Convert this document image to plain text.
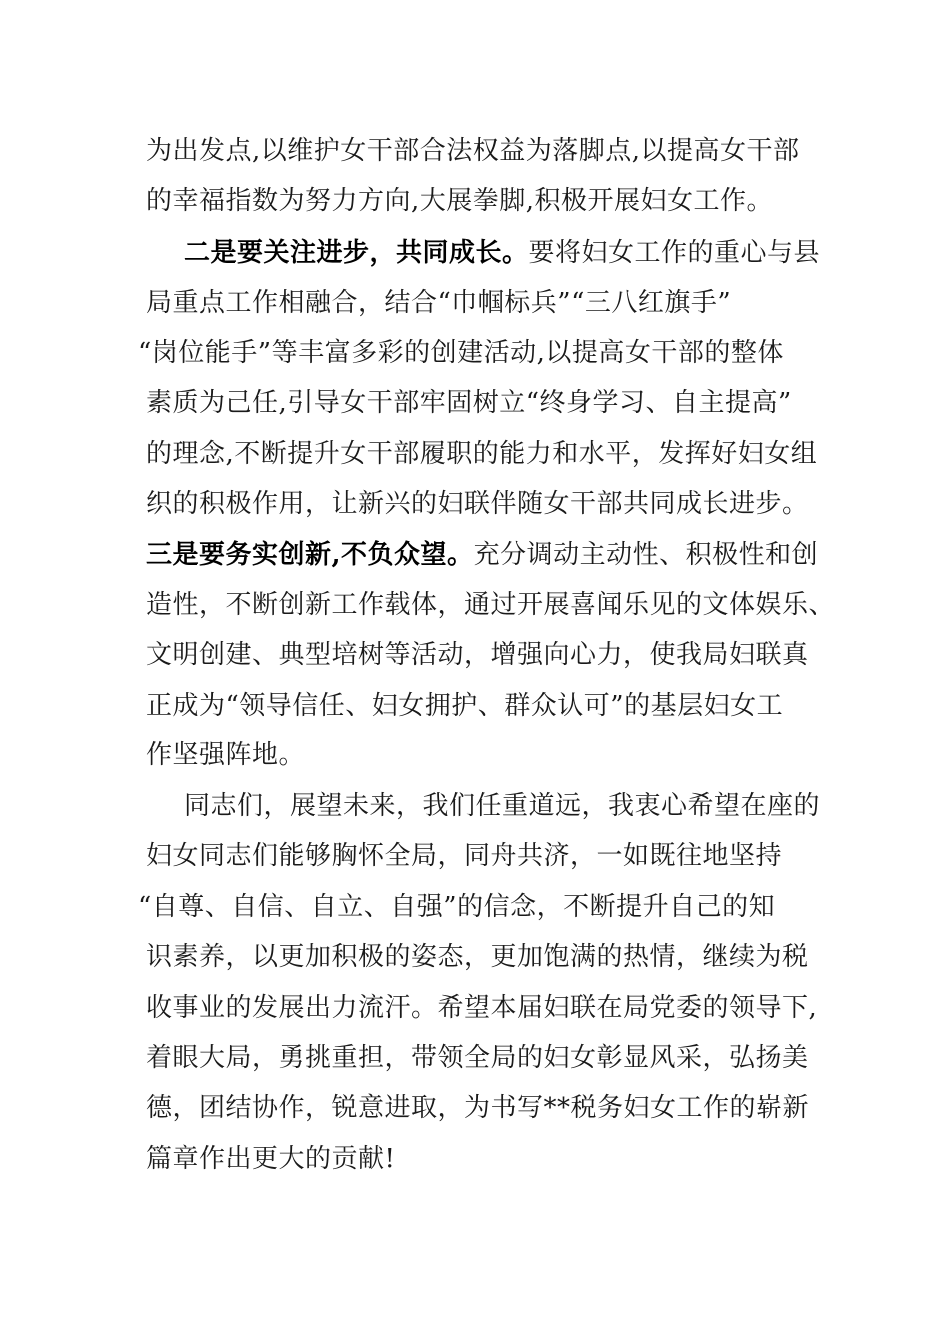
为出发点,以维护女干部合法权益为落脚点,以提高女干部
的幸福指数为努力方向,大展拳脚,积极开展妇女工作。
二是要关注进步，共同成长。要将妇女工作的重心与县
局重点工作相融合，结合“巾帼标兵”“三八红旗手”
“岗位能手”等丰富多彩的创建活动,以提高女干部的整体
素质为己任,引导女干部牢固树立“终身学习、自主提高”
的理念,不断提升女干部履职的能力和水平，发挥好妇女组
织的积极作用，让新兴的妇联伴随女干部共同成长进步。
三是要务实创新,不负众望。充分调动主动性、积极性和创
造性，不断创新工作载体，通过开展喜闻乐见的文体娱乐、
文明创建、典型培树等活动，增强向心力，使我局妇联真
正成为“领导信任、妇女拥护、群众认可”的基层妇女工
作坚强阵地。
同志们，展望未来，我们任重道远，我衷心希望在座的
妇女同志们能够胸怀全局，同舟共济，一如既往地坚持
“自尊、自信、自立、自强”的信念，不断提升自己的知
识素养，以更加积极的姿态，更加饱满的热情，继续为税
收事业的发展出力流汗。希望本届妇联在局党委的领导下,
着眼大局，勇挑重担，带领全局的妇女彰显风采，弘扬美
德，团结协作，锐意进取，为书写**税务妇女工作的崭新
篇章作出更大的贡献!
